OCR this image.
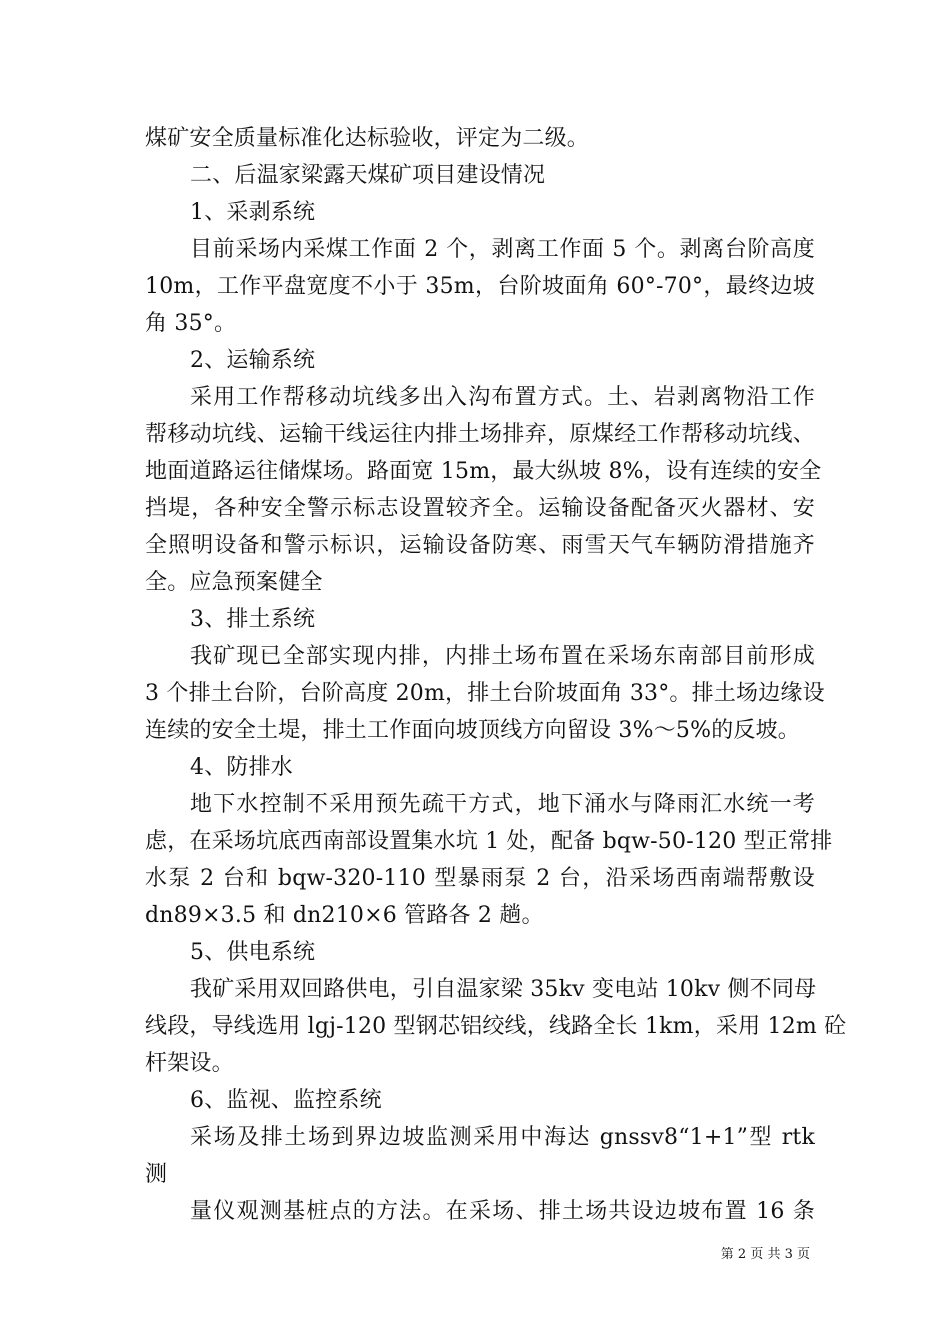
煤矿安全质量标准化达标验收，评定为二级。
二、后温家梁露天煤矿项目建设情况
1、采剥系统
目前采场内采煤工作面 2 个，剥离工作面 5 个。剥离台阶高度
10m，工作平盘宽度不小于 35m，台阶坡面角 60°-70°，最终边坡
角 35°。
2、运输系统
采用工作帮移动坑线多出入沟布置方式。土、岩剥离物沿工作
帮移动坑线、运输干线运往内排土场排弃，原煤经工作帮移动坑线、
地面道路运往储煤场。路面宽 15m，最大纵坡 8%，设有连续的安全
挡堤，各种安全警示标志设置较齐全。运输设备配备灭火器材、安
全照明设备和警示标识，运输设备防寒、雨雪天气车辆防滑措施齐
全。应急预案健全
3、排土系统
我矿现已全部实现内排，内排土场布置在采场东南部目前形成
3 个排土台阶，台阶高度 20m，排土台阶坡面角 33°。排土场边缘设
连续的安全土堤，排土工作面向坡顶线方向留设 3%～5%的反坡。
4、防排水
地下水控制不采用预先疏干方式，地下涌水与降雨汇水统一考
虑，在采场坑底西南部设置集水坑 1 处，配备 bqw-50-120 型正常排
水泵 2 台和 bqw-320-110 型暴雨泵 2 台，沿采场西南端帮敷设
dn89×3.5 和 dn210×6 管路各 2 趟。
5、供电系统
我矿采用双回路供电，引自温家梁 35kv 变电站 10kv 侧不同母
线段，导线选用 lgj-120 型钢芯铝绞线，线路全长 1km，采用 12m 砼
杆架设。
6、监视、监控系统
采场及排土场到界边坡监测采用中海达 gnssv8“1+1”型 rtk
测
量仪观测基桩点的方法。在采场、排土场共设边坡布置 16 条
第 2 页 共 3 页
